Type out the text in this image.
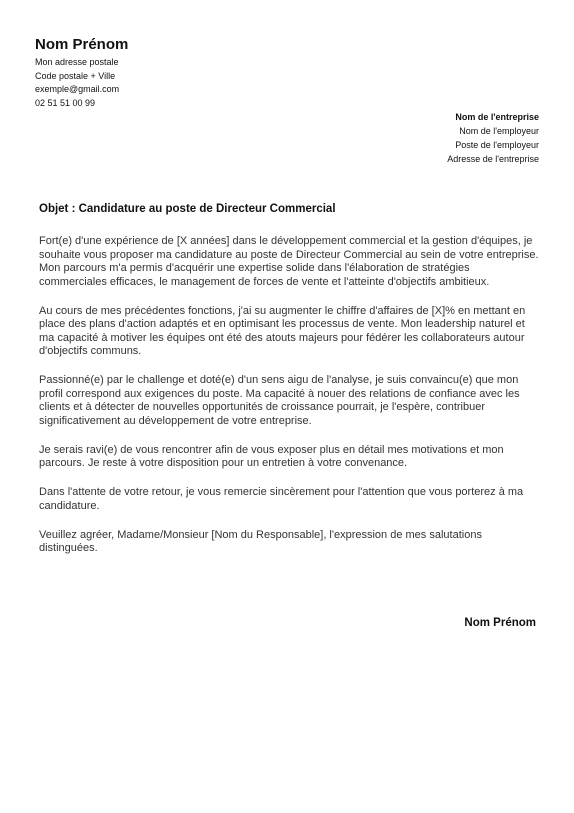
Nom Prénom
Mon adresse postale
Code postale + Ville
exemple@gmail.com
02 51 51 00 99
Nom de l'entreprise
Nom de l'employeur
Poste de l'employeur
Adresse de l'entreprise
Objet : Candidature au poste de Directeur Commercial

Fort(e) d'une expérience de [X années] dans le développement commercial et la gestion d'équipes, je souhaite vous proposer ma candidature au poste de Directeur Commercial au sein de votre entreprise. Mon parcours m'a permis d'acquérir une expertise solide dans l'élaboration de stratégies commerciales efficaces, le management de forces de vente et l'atteinte d'objectifs ambitieux.

Au cours de mes précédentes fonctions, j'ai su augmenter le chiffre d'affaires de [X]% en mettant en place des plans d'action adaptés et en optimisant les processus de vente. Mon leadership naturel et ma capacité à motiver les équipes ont été des atouts majeurs pour fédérer les collaborateurs autour d'objectifs communs.

Passionné(e) par le challenge et doté(e) d'un sens aigu de l'analyse, je suis convaincu(e) que mon profil correspond aux exigences du poste. Ma capacité à nouer des relations de confiance avec les clients et à détecter de nouvelles opportunités de croissance pourrait, je l'espère, contribuer significativement au développement de votre entreprise.

Je serais ravi(e) de vous rencontrer afin de vous exposer plus en détail mes motivations et mon parcours. Je reste à votre disposition pour un entretien à votre convenance.

Dans l'attente de votre retour, je vous remercie sincèrement pour l'attention que vous porterez à ma candidature.

Veuillez agréer, Madame/Monsieur [Nom du Responsable], l'expression de mes salutations distinguées.

Nom Prénom
